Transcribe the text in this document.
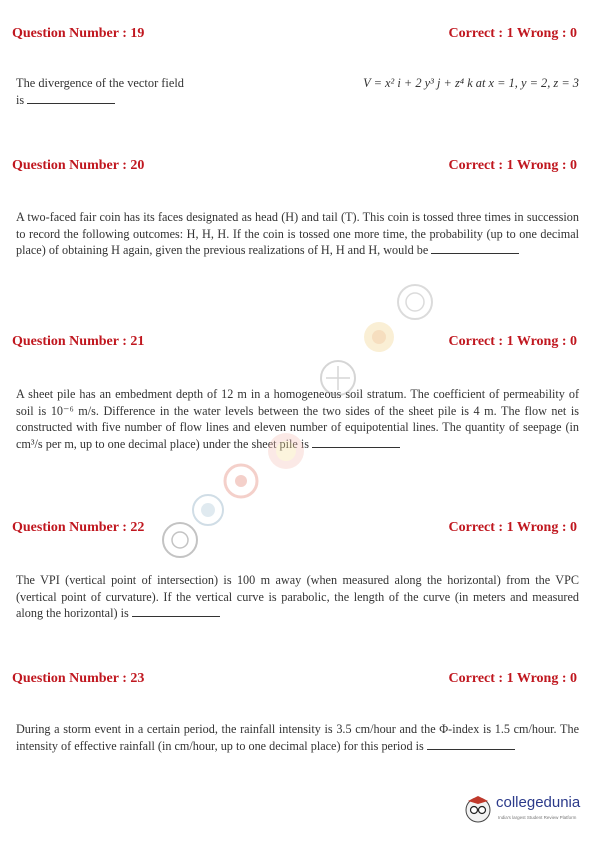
Question Number : 19	Correct : 1 Wrong : 0
The divergence of the vector field	V = x² i + 2 y³ j + z⁴ k at x = 1, y = 2, z = 3
is
Question Number : 20	Correct : 1 Wrong : 0
A two-faced fair coin has its faces designated as head (H) and tail (T). This coin is tossed three times in succession to record the following outcomes: H, H, H. If the coin is tossed one more time, the probability (up to one decimal place) of obtaining H again, given the previous realizations of H, H and H, would be
Question Number : 21	Correct : 1 Wrong : 0
A sheet pile has an embedment depth of 12 m in a homogeneous soil stratum. The coefficient of permeability of soil is 10⁻⁶ m/s. Difference in the water levels between the two sides of the sheet pile is 4 m. The flow net is constructed with five number of flow lines and eleven number of equipotential lines. The quantity of seepage (in cm³/s per m, up to one decimal place) under the sheet pile is
Question Number : 22	Correct : 1 Wrong : 0
The VPI (vertical point of intersection) is 100 m away (when measured along the horizontal) from the VPC (vertical point of curvature). If the vertical curve is parabolic, the length of the curve (in meters and measured along the horizontal) is
Question Number : 23	Correct : 1 Wrong : 0
During a storm event in a certain period, the rainfall intensity is 3.5 cm/hour and the Φ-index is 1.5 cm/hour. The intensity of effective rainfall (in cm/hour, up to one decimal place) for this period is
collegedunia
India's largest Student Review Platform
